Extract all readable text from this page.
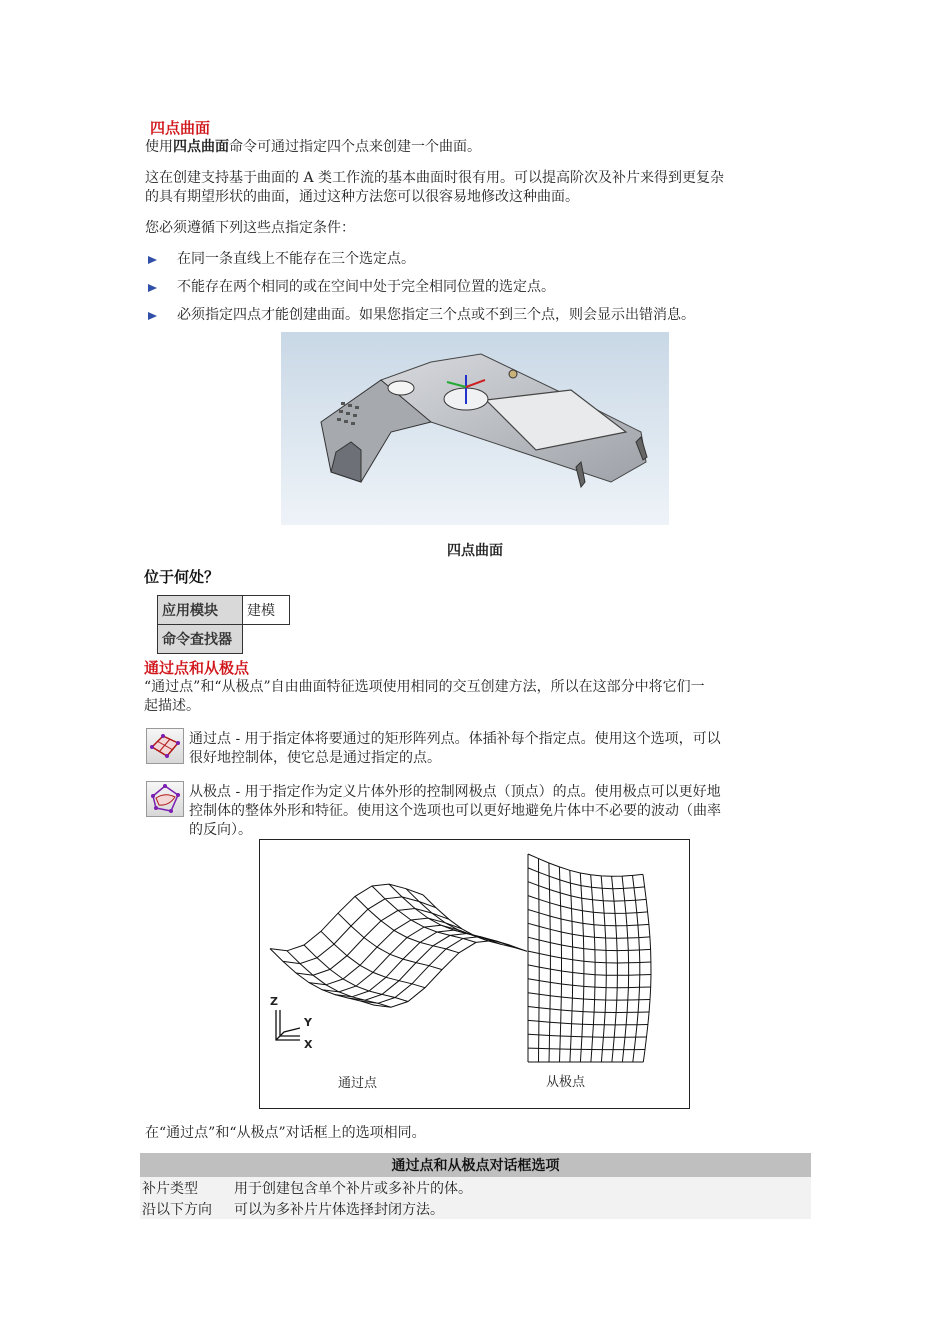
四点曲面
使用四点曲面命令可通过指定四个点来创建一个曲面。
这在创建支持基于曲面的 A 类工作流的基本曲面时很有用。可以提高阶次及补片来得到更复杂
的具有期望形状的曲面，通过这种方法您可以很容易地修改这种曲面。
您必须遵循下列这些点指定条件：
在同一条直线上不能存在三个选定点。
不能存在两个相同的或在空间中处于完全相同位置的选定点。
必须指定四点才能创建曲面。如果您指定三个点或不到三个点，则会显示出错消息。
四点曲面
位于何处？
应用模块	建模
命令查找器	
通过点和从极点
“通过点”和“从极点”自由曲面特征选项使用相同的交互创建方法，所以在这部分中将它们一
起描述。
通过点 - 用于指定体将要通过的矩形阵列点。体插补每个指定点。使用这个选项，可以
很好地控制体，使它总是通过指定的点。
从极点 - 用于指定作为定义片体外形的控制网极点（顶点）的点。使用极点可以更好地
控制体的整体外形和特征。使用这个选项也可以更好地避免片体中不必要的波动（曲率
的反向）。
Z
Y
X
通过点	从极点
在“通过点”和“从极点”对话框上的选项相同。
通过点和从极点对话框选项	
补片类型	用于创建包含单个补片或多补片的体。
沿以下方向	可以为多补片片体选择封闭方法。
